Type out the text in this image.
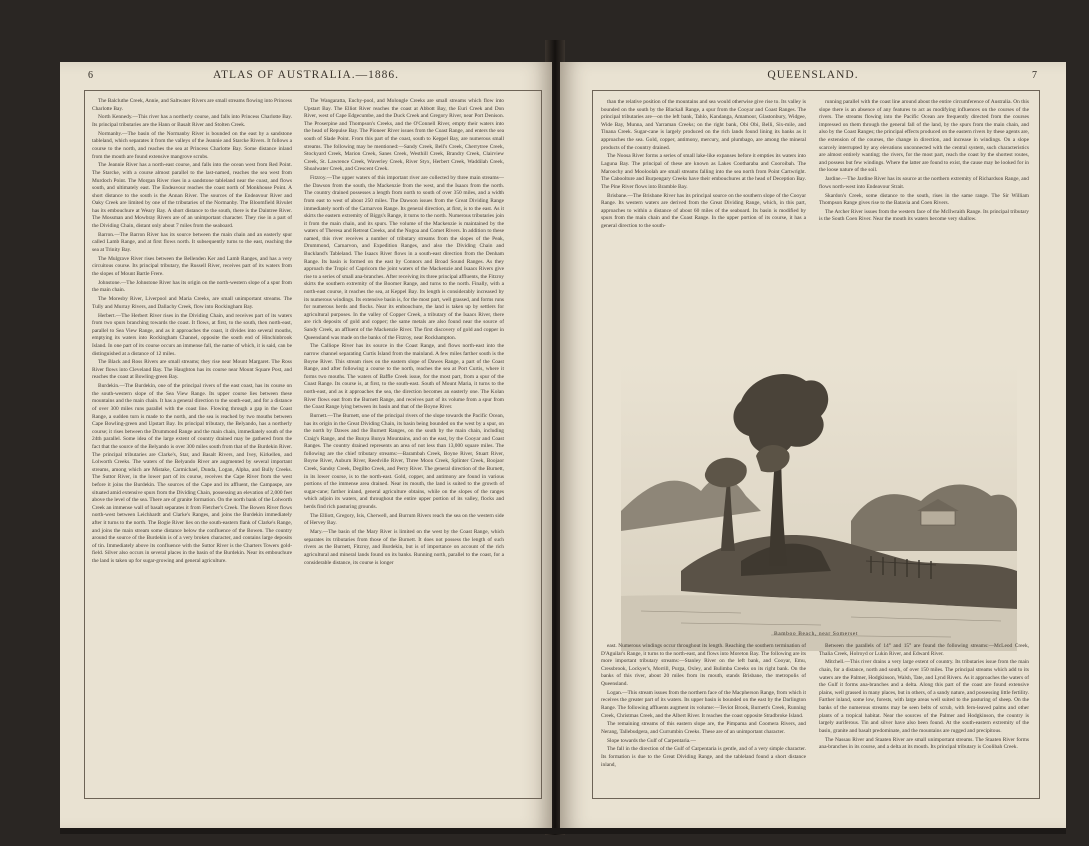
6	ATLAS OF AUSTRALIA.—1886.

The Balcluthe Creek, Annie, and Saltwater Rivers are small streams flowing into Princess Charlotte Bay.

North Kennedy.—This river has a northerly course, and falls into Princess Charlotte Bay. Its principal tributaries are the Hann or Basalt River and Stolten Creek.

Normanby.—The basin of the Normanby River is bounded on the east by a sandstone tableland, which separates it from the valleys of the Jeannie and Starcke Rivers. It follows a course to the north, and reaches the sea at Princess Charlotte Bay. Some distance inland from the mouth are found extensive mangrove scrubs.

The Jeannie River has a north-east course, and falls into the ocean west from Red Point. The Starcke, with a course almost parallel to the last-named, reaches the sea west from Murdoch Point. The Morgan River rises in a sandstone tableland near the coast, and flows south, and ultimately east. The Endeavour reaches the coast north of Monkhouse Point. A short distance to the south is the Annan River. The sources of the Endeavour River and Oaky Creek are limited by one of the tributaries of the Normanby. The Bloomfield Rivulet has its embouchure at Weary Bay. A short distance to the south, there is the Daintree River. The Mossman and Mowbray Rivers are of an unimportant character. They rise in a part of the Dividing Chain, distant only about 7 miles from the seaboard.

Barron.—The Barron River has its source between the main chain and an easterly spur called Lamb Range, and at first flows north. It subsequently turns to the east, reaching the sea at Trinity Bay.

The Mulgrave River rises between the Bellenden Ker and Lamb Ranges, and has a very circuitous course. Its principal tributary, the Russell River, receives part of its waters from the slopes of Mount Bartle Frere.

Johnstone.—The Johnstone River has its origin on the north-western slope of a spur from the main chain.

The Moresby River, Liverpool and Maria Creeks, are small unimportant streams. The Tully and Murray Rivers, and Dallachy Creek, flow into Rockingham Bay.

Herbert.—The Herbert River rises in the Dividing Chain, and receives part of its waters from two spurs branching towards the coast. It flows, at first, to the south, then north-east, parallel to Sea View Range, and as it approaches the coast, it divides into several mouths, emptying its waters into Rockingham Channel, opposite the south end of Hinchinbrook Island. In one part of its course occurs an immense fall, the name of which, it is said, can be distinguished at a distance of 12 miles.

The Black and Ross Rivers are small streams; they rise near Mount Margaret. The Ross River flows into Cleveland Bay. The Haughton has its course near Mount Square Post, and reaches the coast at Bowling-green Bay.

Burdekin.—The Burdekin, one of the principal rivers of the east coast, has its course on the south-western slope of the Sea View Range. Its upper course lies between these mountains and the main chain. It has a general direction to the south-east, and for a distance of over 300 miles runs parallel with the coast line. Flowing through a gap in the Coast Range, a sudden turn is made to the north, and the sea is reached by two mouths between Cape Bowling-green and Upstart Bay. Its principal tributary, the Belyando, has a northerly course; it rises between the Drummond Range and the main chain, immediately south of the 24th parallel. Some idea of the large extent of country drained may be gathered from the fact that the source of the Belyando is over 300 miles south from that of the Burdekin River. The principal tributaries are Clarke's, Star, and Basalt Rivers, and Ivey, Kirkellen, and Lolworth Creeks. The waters of the Belyando River are augmented by several important streams, among which are Mistake, Carmichael, Dunda, Logan, Alpha, and Bully Creeks. The Suttor River, in the lower part of its course, receives the Cape River from the west before it joins the Burdekin. The sources of the Cape and its affluent, the Campaspe, are situated amid extensive spurs from the Dividing Chain, possessing an elevation of 2,000 feet above the level of the sea. There are of granite formation. On the north bank of the Lolworth Creek an immense wall of basalt separates it from Fletcher's Creek. The Bowen River flows north-west between Leichhardt and Clarke's Ranges, and joins the Burdekin immediately after it turns to the north. The Bogie River lies on the south-eastern flank of Clarke's Range, and joins the main stream some distance below the confluence of the Bowen. The country around the source of the Burdekin is of a very broken character, and contains large deposits of tin. Immediately above its confluence with the Suttor River is the Charters Towers gold-field. Silver also occurs in several places in the basin of the Burdekin. Near its embouchure the land is taken up for sugar-growing and general agriculture.

The Wangaratta, Euchy-pool, and Molongle Creeks are small streams which flow into Upstart Bay. The Elliot River reaches the coast at Abbott Bay, the Euri Creek and Don River, west of Cape Edgecumbe, and the Duck Creek and Gregory River, near Port Denison. The Proserpine and Thompson's Creeks, and the O'Connell River, empty their waters into the head of Repulse Bay. The Pioneer River issues from the Coast Range, and enters the sea south of Slade Point. From this part of the coast, south to Keppel Bay, are numerous small streams. The following may be mentioned:—Sandy Creek, Bell's Creek, Cherrytree Creek, Stockyard Creek, Marion Creek, Sanes Creek, Westhill Creek, Brandry Creek, Clairview Creek, St. Lawrence Creek, Waverley Creek, River Styx, Herbert Creek, Waddilah Creek, Shoalwater Creek, and Crescent Creek.

Fitzroy.—The upper waters of this important river are collected by three main streams—the Dawson from the south, the Mackenzie from the west, and the Isaacs from the north. The country drained possesses a length from north to south of over 350 miles, and a width from east to west of about 250 miles. The Dawson issues from the Great Dividing Range immediately north of the Carnarvon Range. Its general direction, at first, is to the east. As it skirts the eastern extremity of Biggs's Range, it turns to the north. Numerous tributaries join it from the main chain, and its spurs. The volume of the Mackenzie is maintained by the waters of Theresa and Retreat Creeks, and the Nogoa and Comet Rivers. In addition to these named, this river receives a number of tributary streams from the slopes of the Peak, Drummond, Carnarvon, and Expedition Ranges, and also the Dividing Chain and Buckland's Tableland. The Isaacs River flows in a south-east direction from the Denham Range. Its basin is formed on the east by Connors and Broad Sound Ranges. As they approach the Tropic of Capricorn the joint waters of the Mackenzie and Isaacs Rivers give rise to a series of small ana-branches. After receiving its three principal affluents, the Fitzroy skirts the southern extremity of the Boomer Range, and turns to the north. Finally, with a north-east course, it reaches the sea, at Keppel Bay. Its length is considerably increased by its numerous windings. Its extensive basin is, for the most part, well grassed, and forms runs for numerous herds and flocks. Near its embouchure, the land is taken up by settlers for agricultural purposes. In the valley of Copper Creek, a tributary of the Isaacs River, there are rich deposits of gold and copper; the same metals are also found near the source of Sandy Creek, an affluent of the Mackenzie River. The first discovery of gold and copper in Queensland was made on the banks of the Fitzroy, near Rockhampton.

The Calliope River has its source in the Coast Range, and flows north-east into the narrow channel separating Curtis Island from the mainland. A few miles farther south is the Boyne River. This stream rises on the eastern slope of Dawes Range, a part of the Coast Range, and after following a course to the north, reaches the sea at Port Curtis, where it forms two mouths. The waters of Baffle Creek issue, for the most part, from a spur of the Coast Range. Its course is, at first, to the south-east. South of Mount Maria, it turns to the north-east, and as it approaches the sea, the direction becomes an easterly one. The Kolan River flows east from the Burnett Range, and receives part of its volume from a spur from the Coast Range lying between its basin and that of the Boyne River.

Burnett.—The Burnett, one of the principal rivers of the slope towards the Pacific Ocean, has its origin in the Great Dividing Chain, its basin being bounded on the west by a spur, on the north by Dawes and the Burnett Ranges, on the south by the main chain, including Craig's Range, and the Bunya Bunya Mountains, and on the east, by the Cooyar and Coast Ranges. The country drained represents an area of not less than 13,000 square miles. The following are the chief tributary streams:—Barambah Creek, Boyne River, Stuart River, Boyne River, Auburn River, Reedville River, Three Moon Creek, Splinter Creek, Boojaor Creek, Sandsy Creek, Degilbo Creek, and Perry River. The general direction of the Burnett, in its lower course, is to the north-east. Gold, copper, and antimony are found in various portions of the immense area drained. Near its mouth, the land is suited to the growth of sugar-cane; farther inland, general agriculture obtains, while on the slopes of the ranges which adjoin its waters, and throughout the entire upper portion of its valley, flocks and herds find rich pasturing grounds.

The Elliott, Gregory, Isis, Cherwell, and Burrum Rivers reach the sea on the western side of Hervey Bay.

Mary.—The basin of the Mary River is limited on the west by the Coast Range, which separates its tributaries from those of the Burnett. It does not possess the length of such rivers as the Burnett, Fitzroy, and Burdekin, but is of importance on account of the rich agricultural and mineral lands found on its banks. Running north, parallel to the coast, for a considerable distance, its course is longer

QUEENSLAND.	7

than the relative position of the mountains and sea would otherwise give rise to. Its valley is bounded on the south by the Blackall Range, a spur from the Cooyar and Coast Ranges. The principal tributaries are—on the left bank, Tahlo, Kandanga, Amamoor, Glastonbury, Widgee, Wide Bay, Munna, and Yarraman Creeks; on the right bank, Obi Obi, Belli, Six-mile, and Tinana Creek. Sugar-cane is largely produced on the rich lands found lining its banks as it approaches the sea. Gold, copper, antimony, mercury, and plumbago, are among the mineral products of the country drained.

The Noosa River forms a series of small lake-like expanses before it empties its waters into Laguna Bay. The principal of these are known as Lakes Cootharaba and Cooroibah. The Maroochy and Mooloolah are small streams falling into the sea north from Point Cartwright. The Caboolture and Burpengary Creeks have their embouchures at the head of Deception Bay. The Pine River flows into Bramble Bay.

Brisbane.—The Brisbane River has its principal source on the southern slope of the Cooyar Range. Its western waters are derived from the Great Dividing Range, which, in this part, approaches to within a distance of about 60 miles of the seaboard. Its basin is modified by spurs from the main chain and the Coast Range. In the upper portion of its course, it has a general direction to the south-

running parallel with the coast line around about the entire circumference of Australia. On this slope there is an absence of any features to act as modifying influences on the courses of the rivers. The streams flowing into the Pacific Ocean are frequently directed from the courses impressed on them through the general fall of the land, by the spurs from the main chain, and also by the Coast Ranges; the principal effects produced on the eastern rivers by these agents are, the extension of the courses, the change in direction, and increase in windings. On a slope scarcely interrupted by any elevations unconnected with the central system, such characteristics are almost entirely wanting; the rivers, for the most part, reach the coast by the shortest routes, and possess but few windings. Where the latter are found to exist, the cause may be looked for in the loose nature of the soil.

Jardine.—The Jardine River has its source at the northern extremity of Richardson Range, and flows north-west into Endeavour Strait.

Skardon's Creek, some distance to the south, rises in the same range. The Sir William Thompson Range gives rise to the Batavia and Coen Rivers.

The Archer River issues from the western face of the McIlwraith Range. Its principal tributary is the South Coen River. Near the mouth its waters become very shallow.

Bamboo Beach, near Somerset

east. Numerous windings occur throughout its length. Reaching the southern termination of D'Aguilar's Range, it turns to the north-east, and flows into Moreton Bay. The following are its more important tributary streams:—Stanley River on the left bank, and Cooyar, Emu, Cressbrook, Lockyer's, Morrill, Purga, Oxley, and Bulimba Creeks on its right bank. On the banks of this river, about 20 miles from its mouth, stands Brisbane, the metropolis of Queensland.

Logan.—This stream issues from the northern face of the Macpherson Range, from which it receives the greater part of its waters. Its upper basin is bounded on the east by the Darlington Range. The following affluents augment its volume:—Teviot Brook, Burnett's Creek, Running Creek, Christmas Creek, and the Albert River. It reaches the coast opposite Stradbroke Island.

The remaining streams of this eastern slope are, the Pimpama and Coomera Rivers, and Nerang, Tallebudgera, and Currumbin Creeks. These are of an unimportant character.

Slope towards the Gulf of Carpentaria.—

The fall in the direction of the Gulf of Carpentaria is gentle, and of a very simple character. Its formation is due to the Great Dividing Range, and the tableland found a short distance inland,

Between the parallels of 14° and 15° are found the following streams:—McLeod Creek, Thalia Creek, Holroyd or Lukin River, and Edward River.

Mitchell.—This river drains a very large extent of country. Its tributaries issue from the main chain, for a distance, north and south, of over 150 miles. The principal streams which add to its waters are the Palmer, Hodgkinson, Walsh, Tate, and Lynd Rivers. As it approaches the waters of the Gulf it forms ana-branches and a delta. Along this part of the coast are found extensive plains, well grassed in many places, but in others, of a sandy nature, and possessing little fertility. Farther inland, some low, forests, with large areas well suited to the pasturing of sheep. On the banks of the numerous streams may be seen belts of scrub, with fern-leaved palms and other plants of a tropical habitat. Near the sources of the Palmer and Hodgkinson, the country is largely auriferous. Tin and silver have also been found. At the south-eastern extremity of the basin, granite and basalt predominate, and the mountains are rugged and precipitous.

The Nassau River and Staaten River are small unimportant streams. The Staaten River forms ana-branches in its course, and a delta at its mouth. Its principal tributary is Coolibah Creek.
